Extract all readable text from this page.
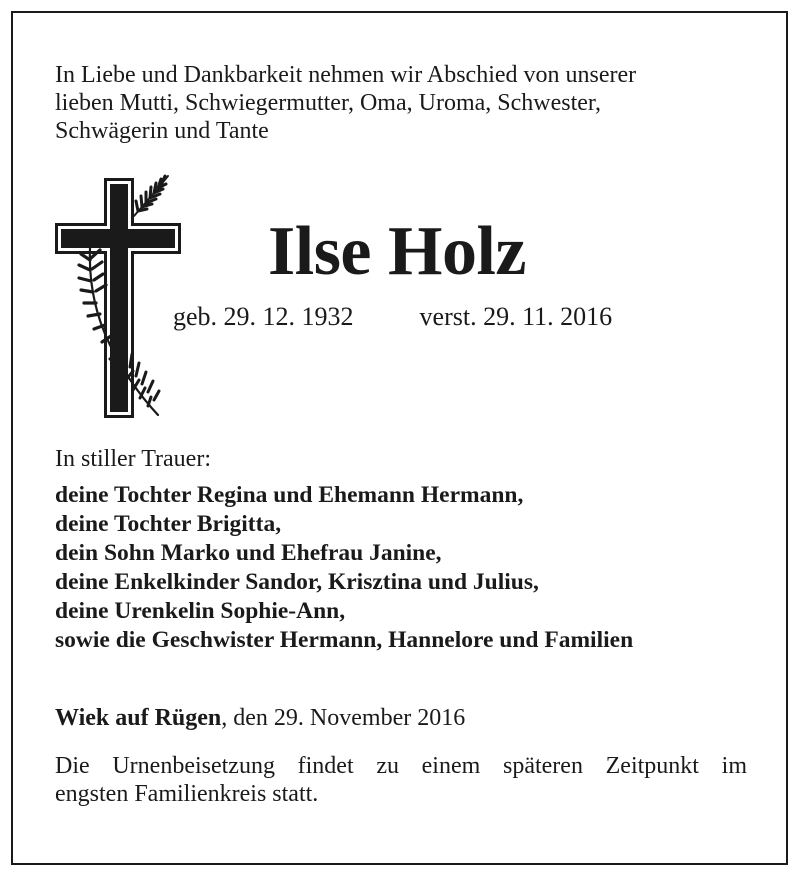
In Liebe und Dankbarkeit nehmen wir Abschied von unserer
lieben Mutti, Schwiegermutter, Oma, Uroma, Schwester,
Schwägerin und Tante
Ilse Holz
geb. 29. 12. 1932	verst. 29. 11. 2016
In stiller Trauer:
deine Tochter Regina und Ehemann Hermann,
deine Tochter Brigitta,
dein Sohn Marko und Ehefrau Janine,
deine Enkelkinder Sandor, Krisztina und Julius,
deine Urenkelin Sophie-Ann,
sowie die Geschwister Hermann, Hannelore und Familien
Wiek auf Rügen, den 29. November 2016
Die Urnenbeisetzung findet zu einem späteren Zeitpunkt im
engsten Familienkreis statt.
